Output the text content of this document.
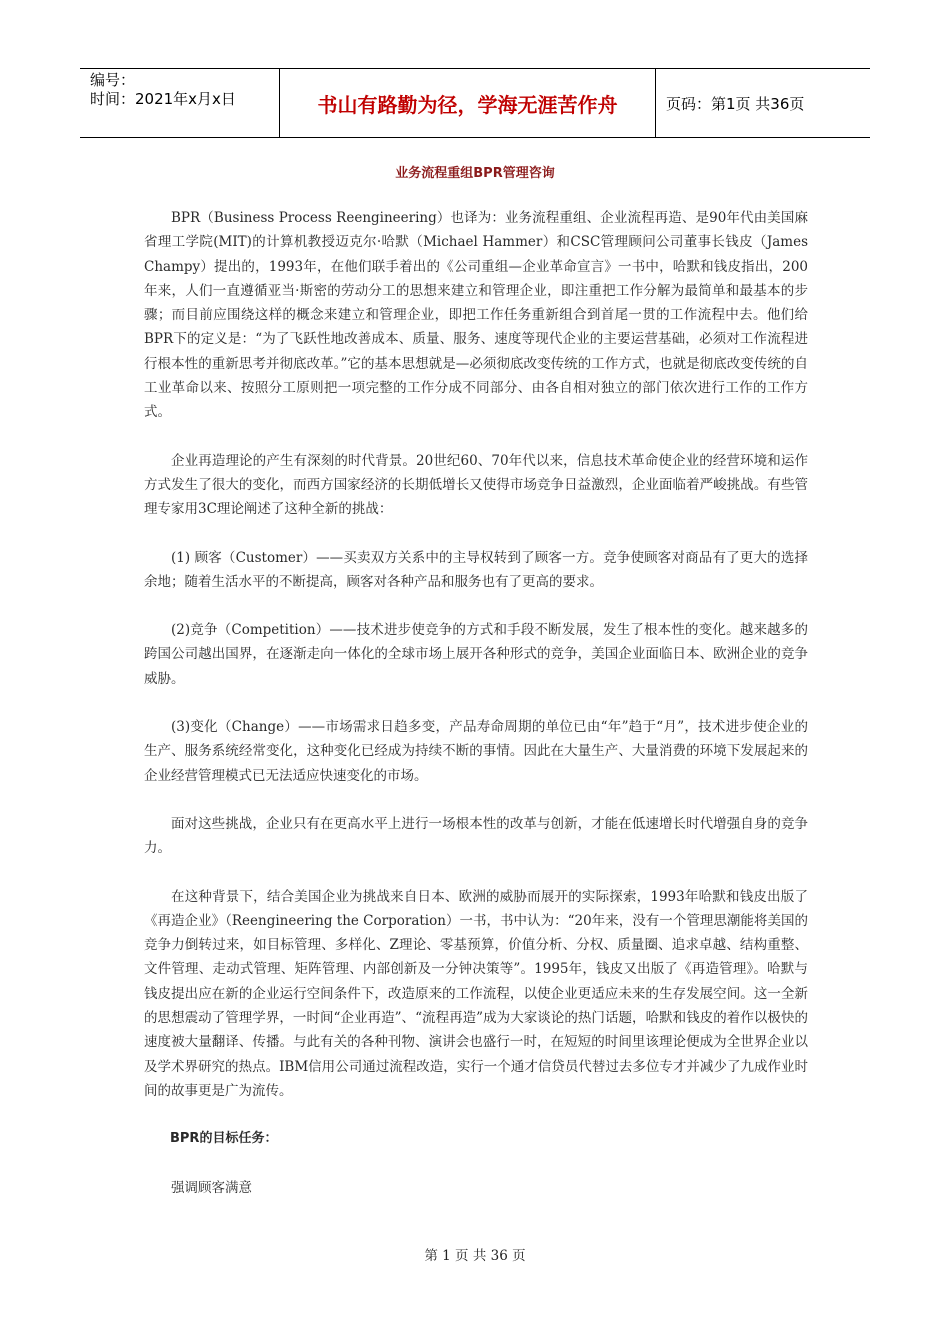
编号：
时间：2021年x月x日	书山有路勤为径，学海无涯苦作舟	页码：第1页 共36页
业务流程重组BPR管理咨询

BPR（Business Process Reengineering）也译为：业务流程重组、企业流程再造、是90年代由美国麻省理工学院(MIT)的计算机教授迈克尔·哈默（Michael Hammer）和CSC管理顾问公司董事长钱皮（James Champy）提出的，1993年，在他们联手着出的《公司重组—企业革命宣言》一书中，哈默和钱皮指出，200年来，人们一直遵循亚当·斯密的劳动分工的思想来建立和管理企业，即注重把工作分解为最简单和最基本的步骤；而目前应围绕这样的概念来建立和管理企业，即把工作任务重新组合到首尾一贯的工作流程中去。他们给BPR下的定义是：“为了飞跃性地改善成本、质量、服务、速度等现代企业的主要运营基础，必须对工作流程进行根本性的重新思考并彻底改革。”它的基本思想就是—必须彻底改变传统的工作方式，也就是彻底改变传统的自工业革命以来、按照分工原则把一项完整的工作分成不同部分、由各自相对独立的部门依次进行工作的工作方式。

企业再造理论的产生有深刻的时代背景。20世纪60、70年代以来，信息技术革命使企业的经营环境和运作方式发生了很大的变化，而西方国家经济的长期低增长又使得市场竞争日益激烈，企业面临着严峻挑战。有些管理专家用3C理论阐述了这种全新的挑战：

(1) 顾客（Customer）——买卖双方关系中的主导权转到了顾客一方。竞争使顾客对商品有了更大的选择余地；随着生活水平的不断提高，顾客对各种产品和服务也有了更高的要求。

(2)竞争（Competition）——技术进步使竞争的方式和手段不断发展，发生了根本性的变化。越来越多的跨国公司越出国界，在逐渐走向一体化的全球市场上展开各种形式的竞争，美国企业面临日本、欧洲企业的竞争威胁。

(3)变化（Change）——市场需求日趋多变，产品寿命周期的单位已由“年”趋于“月”，技术进步使企业的生产、服务系统经常变化，这种变化已经成为持续不断的事情。因此在大量生产、大量消费的环境下发展起来的企业经营管理模式已无法适应快速变化的市场。

面对这些挑战，企业只有在更高水平上进行一场根本性的改革与创新，才能在低速增长时代增强自身的竞争力。

在这种背景下，结合美国企业为挑战来自日本、欧洲的威胁而展开的实际探索，1993年哈默和钱皮出版了《再造企业》（Reengineering the Corporation）一书，书中认为：“20年来，没有一个管理思潮能将美国的竞争力倒转过来，如目标管理、多样化、Z理论、零基预算，价值分析、分权、质量圈、追求卓越、结构重整、文件管理、走动式管理、矩阵管理、内部创新及一分钟决策等”。1995年，钱皮又出版了《再造管理》。哈默与钱皮提出应在新的企业运行空间条件下，改造原来的工作流程，以使企业更适应未来的生存发展空间。这一全新的思想震动了管理学界，一时间“企业再造”、“流程再造”成为大家谈论的热门话题，哈默和钱皮的着作以极快的速度被大量翻译、传播。与此有关的各种刊物、演讲会也盛行一时，在短短的时间里该理论便成为全世界企业以及学术界研究的热点。IBM信用公司通过流程改造，实行一个通才信贷员代替过去多位专才并减少了九成作业时间的故事更是广为流传。

BPR的目标任务：

强调顾客满意

第 1 页 共 36 页
